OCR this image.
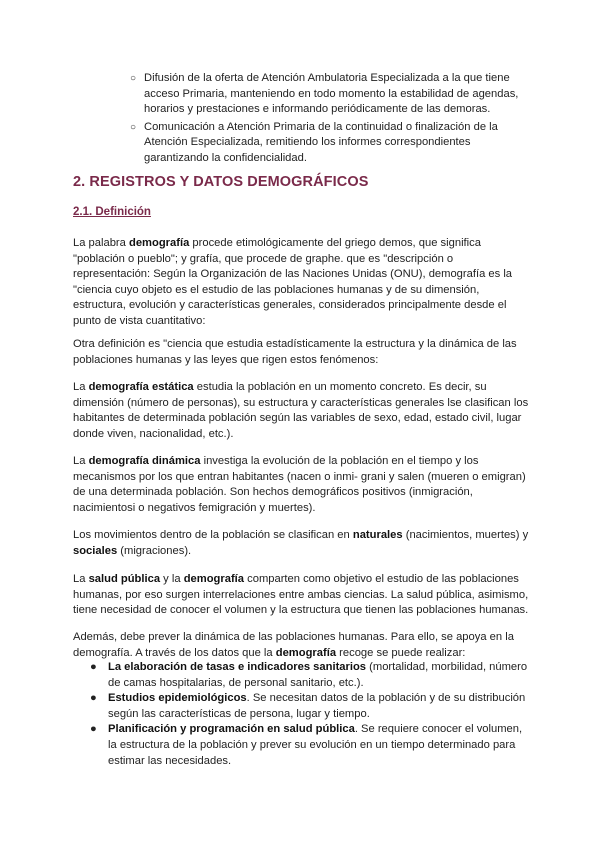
○ Difusión de la oferta de Atención Ambulatoria Especializada a la que tiene acceso Primaria, manteniendo en todo momento la estabilidad de agendas, horarios y prestaciones e informando periódicamente de las demoras.
○ Comunicación a Atención Primaria de la continuidad o finalización de la Atención Especializada, remitiendo los informes correspondientes garantizando la confidencialidad.
2. REGISTROS Y DATOS DEMOGRÁFICOS
2.1. Definición

La palabra demografía procede etimológicamente del griego demos, que significa "población o pueblo"; y grafía, que procede de graphe. que es "descripción o representación: Según la Organización de las Naciones Unidas (ONU), demografía es la "ciencia cuyo objeto es el estudio de las poblaciones humanas y de su dimensión, estructura, evolución y características generales, considerados principalmente desde el punto de vista cuantitativo:

Otra definición es "ciencia que estudia estadísticamente la estructura y la dinámica de las poblaciones humanas y las leyes que rigen estos fenómenos:

La demografía estática estudia la población en un momento concreto. Es decir, su dimensión (número de personas), su estructura y características generales lse clasifican los habitantes de determinada población según las variables de sexo, edad, estado civil, lugar donde viven, nacionalidad, etc.).

La demografía dinámica investiga la evolución de la población en el tiempo y los mecanismos por los que entran habitantes (nacen o inmi- grani y salen (mueren o emigran) de una determinada población. Son hechos demográficos positivos (inmigración, nacimientosi o negativos femigración y muertes).

Los movimientos dentro de la población se clasifican en naturales (nacimientos, muertes) y sociales (migraciones).

La salud pública y la demografía comparten como objetivo el estudio de las poblaciones humanas, por eso surgen interrelaciones entre ambas ciencias. La salud pública, asimismo, tiene necesidad de conocer el volumen y la estructura que tienen las poblaciones humanas.

Además, debe prever la dinámica de las poblaciones humanas. Para ello, se apoya en la demografía. A través de los datos que la demografía recoge se puede realizar:

● La elaboración de tasas e indicadores sanitarios (mortalidad, morbilidad, número de camas hospitalarias, de personal sanitario, etc.).
● Estudios epidemiológicos. Se necesitan datos de la población y de su distribución según las características de persona, lugar y tiempo.
● Planificación y programación en salud pública. Se requiere conocer el volumen, la estructura de la población y prever su evolución en un tiempo determinado para estimar las necesidades.
